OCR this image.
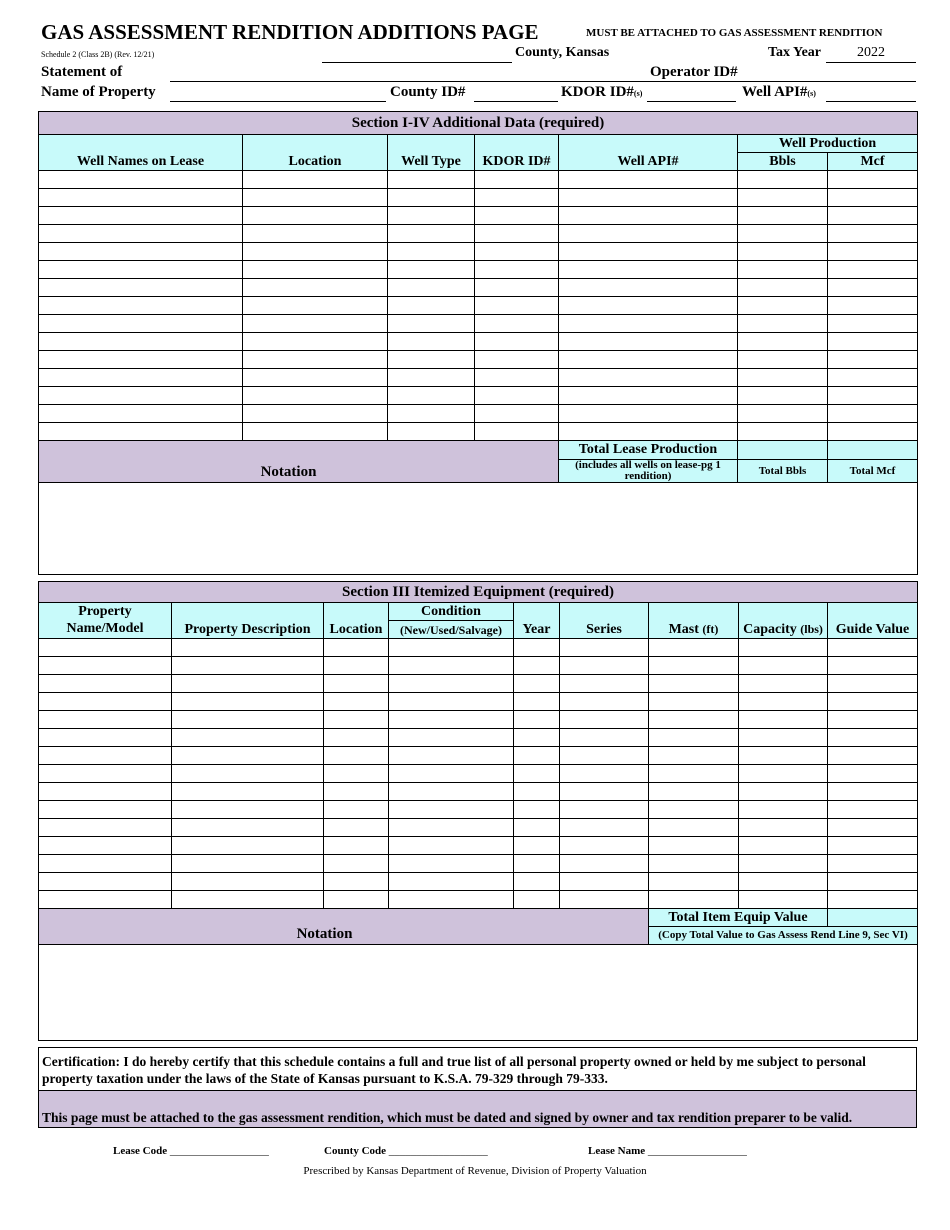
GAS ASSESSMENT RENDITION ADDITIONS PAGE	MUST BE ATTACHED TO GAS ASSESSMENT RENDITION
Schedule 2 (Class 2B) (Rev. 12/21)	County, Kansas	Tax Year	2022
Statement of	Operator ID#
Name of Property	County ID#	KDOR ID#(s)	Well API#(s)
Section I-IV Additional Data (required)						
Well Names on Lease	Location	Well Type	KDOR ID#	Well API#	Well Production	
					Bbls	Mcf

Notation				Total Lease Production		
				(includes all wells on lease-pg 1 rendition)	Total Bbls	Total Mcf

Section III Itemized Equipment (required)								

Property
Name/Model	Property Description	Location	Condition	Year	Series	Mast (ft)	Capacity (lbs)	Guide Value
			(New/Used/Salvage)					

Notation						Total Item Equip Value		
						(Copy Total Value to Gas Assess Rend Line 9, Sec VI)		

Certification: I do hereby certify that this schedule contains a full and true list of all personal property owned or held by me subject to personal property taxation under the laws of the State of Kansas pursuant to K.S.A. 79-329 through 79-333.
This page must be attached to the gas assessment rendition, which must be dated and signed by owner and tax rendition preparer to be valid.
Lease Code __________________	County Code __________________	Lease Name __________________
Prescribed by Kansas Department of Revenue, Division of Property Valuation
